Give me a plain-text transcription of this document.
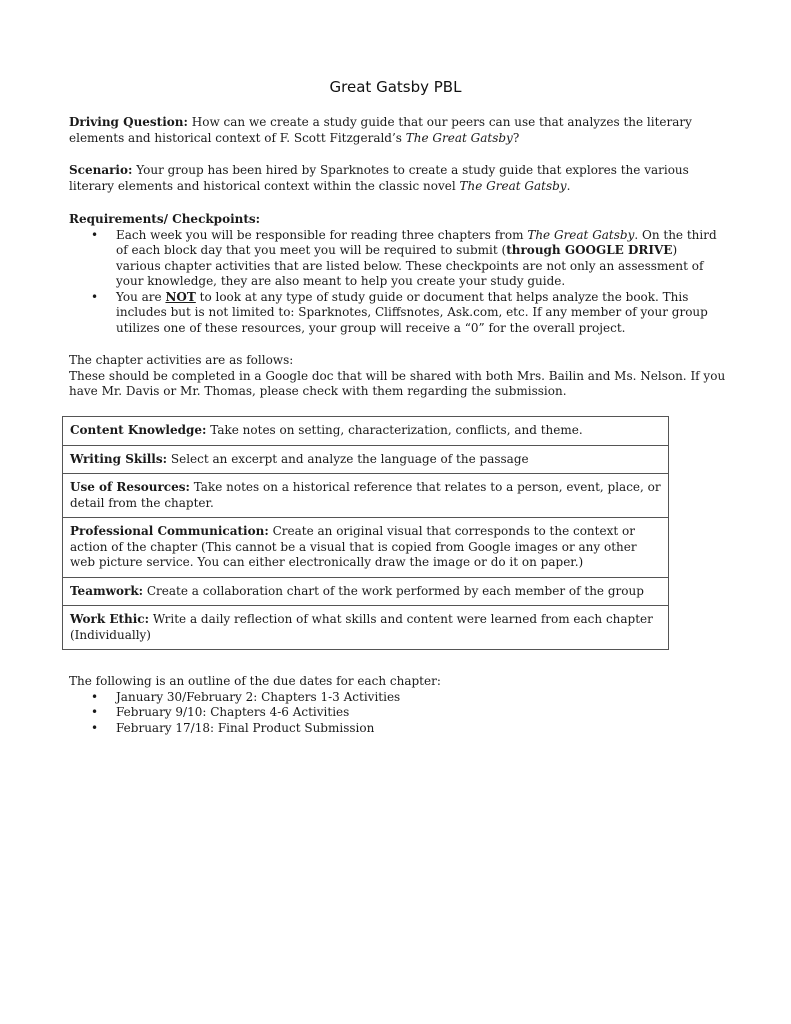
Great Gatsby PBL

Driving Question: How can we create a study guide that our peers can use that analyzes the literary elements and historical context of F. Scott Fitzgerald’s The Great Gatsby?

Scenario: Your group has been hired by Sparknotes to create a study guide that explores the various literary elements and historical context within the classic novel The Great Gatsby.

Requirements/ Checkpoints:

• Each week you will be responsible for reading three chapters from The Great Gatsby. On the third of each block day that you meet you will be required to submit (through GOOGLE DRIVE) various chapter activities that are listed below. These checkpoints are not only an assessment of your knowledge, they are also meant to help you create your study guide.
• You are NOT to look at any type of study guide or document that helps analyze the book. This includes but is not limited to: Sparknotes, Cliffsnotes, Ask.com, etc. If any member of your group utilizes one of these resources, your group will receive a “0” for the overall project.

The chapter activities are as follows:

These should be completed in a Google doc that will be shared with both Mrs. Bailin and Ms. Nelson. If you have Mr. Davis or Mr. Thomas, please check with them regarding the submission.

Content Knowledge: Take notes on setting, characterization, conflicts, and theme.
Writing Skills: Select an excerpt and analyze the language of the passage
Use of Resources: Take notes on a historical reference that relates to a person, event, place, or detail from the chapter.
Professional Communication: Create an original visual that corresponds to the context or action of the chapter (This cannot be a visual that is copied from Google images or any other web picture service. You can either electronically draw the image or do it on paper.)
Teamwork: Create a collaboration chart of the work performed by each member of the group
Work Ethic: Write a daily reflection of what skills and content were learned from each chapter (Individually)

The following is an outline of the due dates for each chapter:

• January 30/February 2: Chapters 1-3 Activities
• February 9/10: Chapters 4-6 Activities
• February 17/18: Final Product Submission
